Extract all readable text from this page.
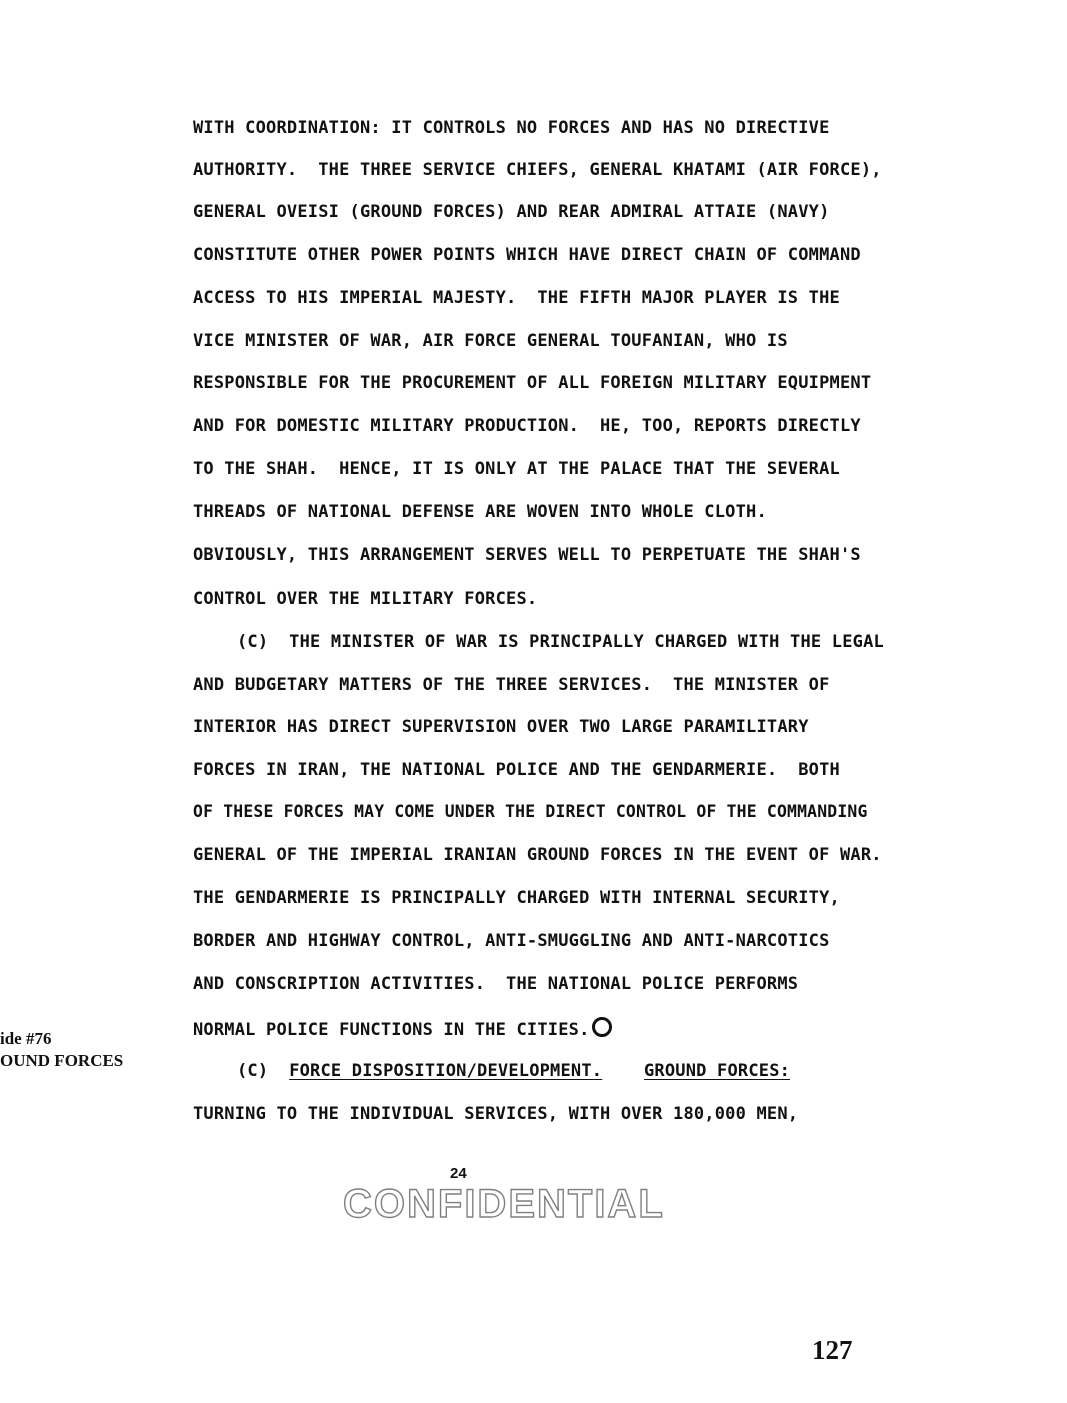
WITH COORDINATION: IT CONTROLS NO FORCES AND HAS NO DIRECTIVE
AUTHORITY.  THE THREE SERVICE CHIEFS, GENERAL KHATAMI (AIR FORCE),
GENERAL OVEISI (GROUND FORCES) AND REAR ADMIRAL ATTAIE (NAVY)
CONSTITUTE OTHER POWER POINTS WHICH HAVE DIRECT CHAIN OF COMMAND
ACCESS TO HIS IMPERIAL MAJESTY.  THE FIFTH MAJOR PLAYER IS THE
VICE MINISTER OF WAR, AIR FORCE GENERAL TOUFANIAN, WHO IS
RESPONSIBLE FOR THE PROCUREMENT OF ALL FOREIGN MILITARY EQUIPMENT
AND FOR DOMESTIC MILITARY PRODUCTION.  HE, TOO, REPORTS DIRECTLY
TO THE SHAH.  HENCE, IT IS ONLY AT THE PALACE THAT THE SEVERAL
THREADS OF NATIONAL DEFENSE ARE WOVEN INTO WHOLE CLOTH.
OBVIOUSLY, THIS ARRANGEMENT SERVES WELL TO PERPETUATE THE SHAH'S
CONTROL OVER THE MILITARY FORCES.
(C)  THE MINISTER OF WAR IS PRINCIPALLY CHARGED WITH THE LEGAL
AND BUDGETARY MATTERS OF THE THREE SERVICES.  THE MINISTER OF
INTERIOR HAS DIRECT SUPERVISION OVER TWO LARGE PARAMILITARY
FORCES IN IRAN, THE NATIONAL POLICE AND THE GENDARMERIE.  BOTH
OF THESE FORCES MAY COME UNDER THE DIRECT CONTROL OF THE COMMANDING
GENERAL OF THE IMPERIAL IRANIAN GROUND FORCES IN THE EVENT OF WAR.
THE GENDARMERIE IS PRINCIPALLY CHARGED WITH INTERNAL SECURITY,
BORDER AND HIGHWAY CONTROL, ANTI-SMUGGLING AND ANTI-NARCOTICS
AND CONSCRIPTION ACTIVITIES.  THE NATIONAL POLICE PERFORMS
NORMAL POLICE FUNCTIONS IN THE CITIES.
(C)  FORCE DISPOSITION/DEVELOPMENT. GROUND FORCES:
TURNING TO THE INDIVIDUAL SERVICES, WITH OVER 180,000 MEN,
ide #76
OUND FORCES
24
CONFIDENTIAL
127
